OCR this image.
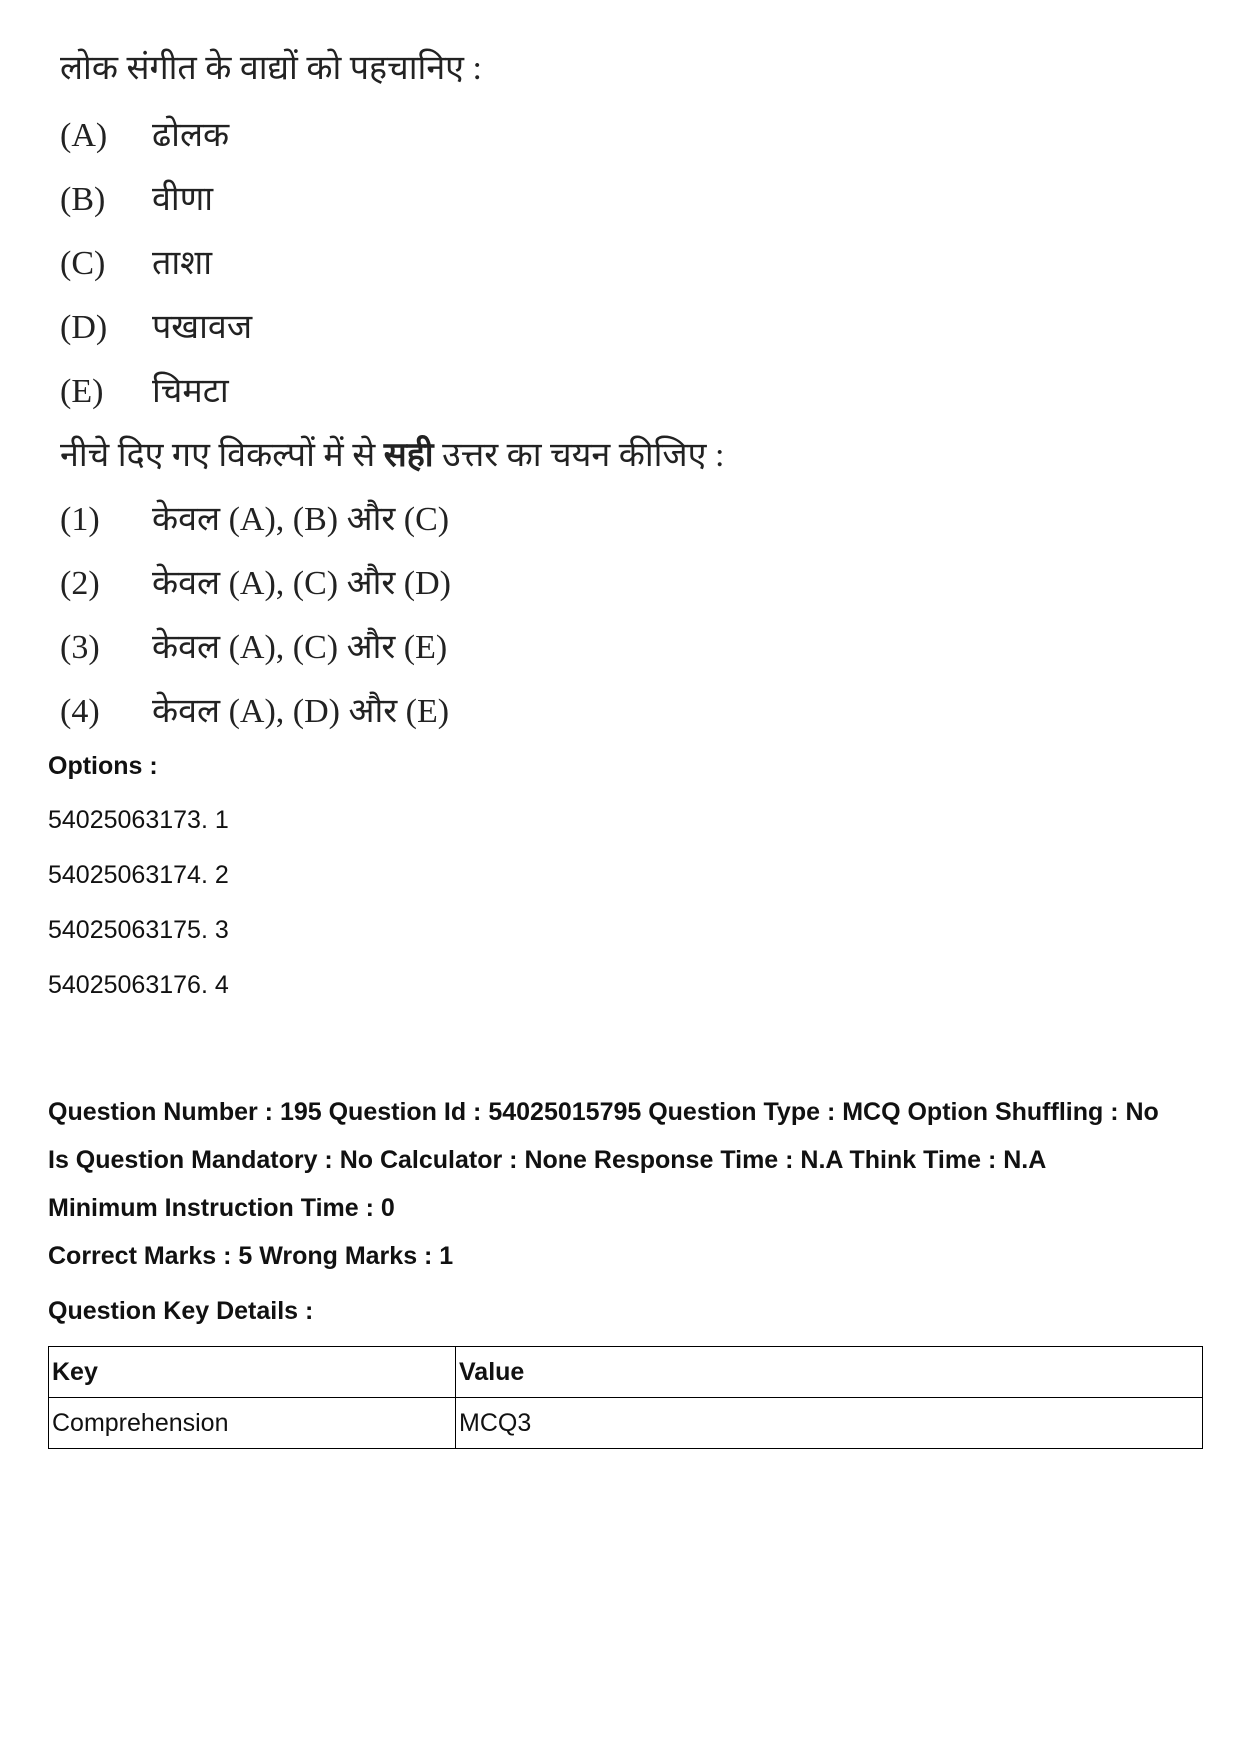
लोक संगीत के वाद्यों को पहचानिए :
(A)	ढोलक
(B)	वीणा
(C)	ताशा
(D)	पखावज
(E)	चिमटा
नीचे दिए गए विकल्पों में से सही उत्तर का चयन कीजिए :
(1)	केवल (A), (B) और (C)
(2)	केवल (A), (C) और (D)
(3)	केवल (A), (C) और (E)
(4)	केवल (A), (D) और (E)
Options :
54025063173. 1
54025063174. 2
54025063175. 3
54025063176. 4
Question Number : 195 Question Id : 54025015795 Question Type : MCQ Option Shuffling : No
Is Question Mandatory : No Calculator : None Response Time : N.A Think Time : N.A
Minimum Instruction Time : 0
Correct Marks : 5 Wrong Marks : 1
Question Key Details :
Key	Value
Comprehension	MCQ3
